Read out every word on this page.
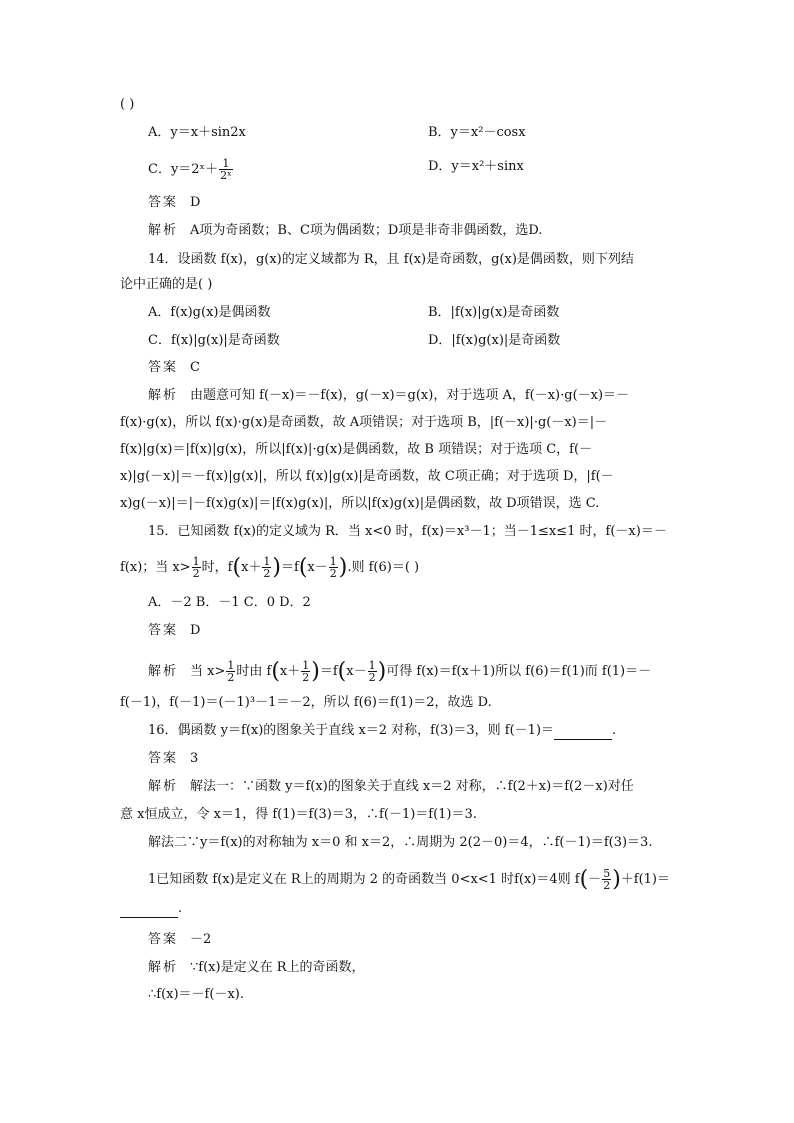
( )
A．y＝x＋sin2x	B．y＝x²－cosx
C．y＝2ˣ＋ $\frac{1}{\text{2ˣ}}$	D．y＝x²＋sinx
答案 D
解析 A项为奇函数；B、C项为偶函数；D项是非奇非偶函数，选D.
14．设函数 f(x)，g(x)的定义域都为 R，且 f(x)是奇函数，g(x)是偶函数，则下列结
论中正确的是( )
A．f(x)g(x)是偶函数	B．|f(x)|g(x)是奇函数
C．f(x)|g(x)|是奇函数	D．|f(x)g(x)|是奇函数
答案 C
解析 由题意可知 f(－x)＝－f(x)，g(－x)＝g(x)，对于选项 A，f(－x)·g(－x)＝－
f(x)·g(x)，所以 f(x)·g(x)是奇函数，故 A项错误；对于选项 B，|f(－x)|·g(－x)＝|－
f(x)|g(x)＝|f(x)|g(x)，所以|f(x)|·g(x)是偶函数，故 B 项错误；对于选项 C，f(－
x)|g(－x)|＝－f(x)|g(x)|，所以 f(x)|g(x)|是奇函数，故 C项正确；对于选项 D，|f(－
x)g(－x)|＝|－f(x)g(x)|＝|f(x)g(x)|，所以|f(x)g(x)|是偶函数，故 D项错误，选 C.
15．已知函数 f(x)的定义域为 R．当 x<0 时，f(x)＝x³－1；当－1≤x≤1 时，f(－x)＝－
f(x)；当 $x> \frac{1}{2}$ 时，$f(x+ \frac{1}{2} )=f(x- \frac{1}{2}$ ).则 f(6)＝( )
A．－2 B．－1 C．0 D．2
答案 D
解析 当 $x> \frac{1}{2}$ 时由 $f(x+ \frac{1}{2} )=f(x- \frac{1}{2}$ )可得 f(x)＝f(x＋1)所以 f(6)＝f(1)而 f(1)＝－
f(－1)，f(－1)＝(－1)³－1＝－2，所以 f(6)＝f(1)＝2，故选 D.
16．偶函数 y＝f(x)的图象关于直线 x＝2 对称，f(3)＝3，则 f(－1)＝	.
答案 3
解析 解法一：∵函数 y＝f(x)的图象关于直线 x＝2 对称，∴f(2＋x)＝f(2－x)对任
意 x恒成立，令 x＝1，得 f(1)＝f(3)＝3，∴f(－1)＝f(1)＝3.
解法二∵y＝f(x)的对称轴为 x＝0 和 x＝2，∴周期为 2(2－0)＝4，∴f(－1)＝f(3)＝3.
1已知函数 f(x)是定义在 R上的周期为 2 的奇函数当 0<x<1 时f(x)＝4则 $f(- \frac{5}{2} )+f(1)=$
.
答案 －2
解析 ∵f(x)是定义在 R上的奇函数，
∴f(x)＝－f(－x).
